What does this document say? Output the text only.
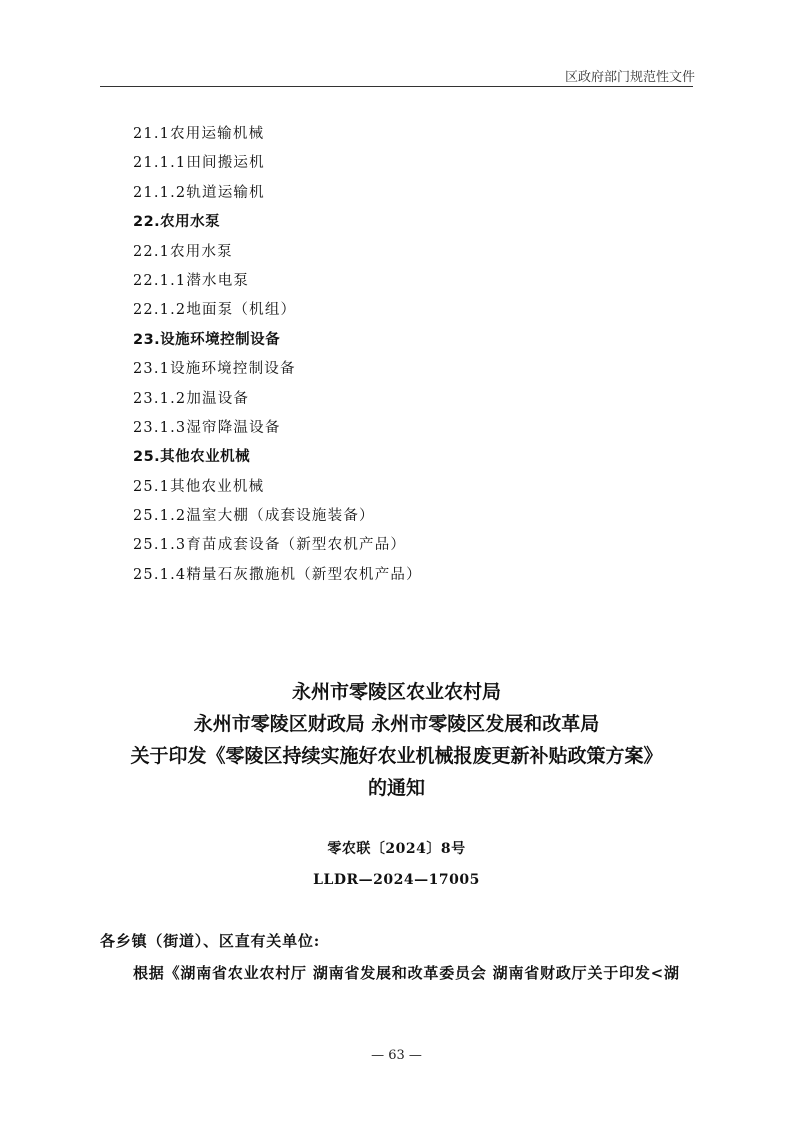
区政府部门规范性文件
21.1农用运输机械
21.1.1田间搬运机
21.1.2轨道运输机
22.农用水泵
22.1农用水泵
22.1.1潜水电泵
22.1.2地面泵（机组）
23.设施环境控制设备
23.1设施环境控制设备
23.1.2加温设备
23.1.3湿帘降温设备
25.其他农业机械
25.1其他农业机械
25.1.2温室大棚（成套设施装备）
25.1.3育苗成套设备（新型农机产品）
25.1.4精量石灰撒施机（新型农机产品）
永州市零陵区农业农村局
永州市零陵区财政局 永州市零陵区发展和改革局
关于印发《零陵区持续实施好农业机械报废更新补贴政策方案》
的通知
零农联〔2024〕8号
LLDR—2024—17005
各乡镇（街道）、区直有关单位:
根据《湖南省农业农村厅 湖南省发展和改革委员会 湖南省财政厅关于印发<湖
— 63 —
